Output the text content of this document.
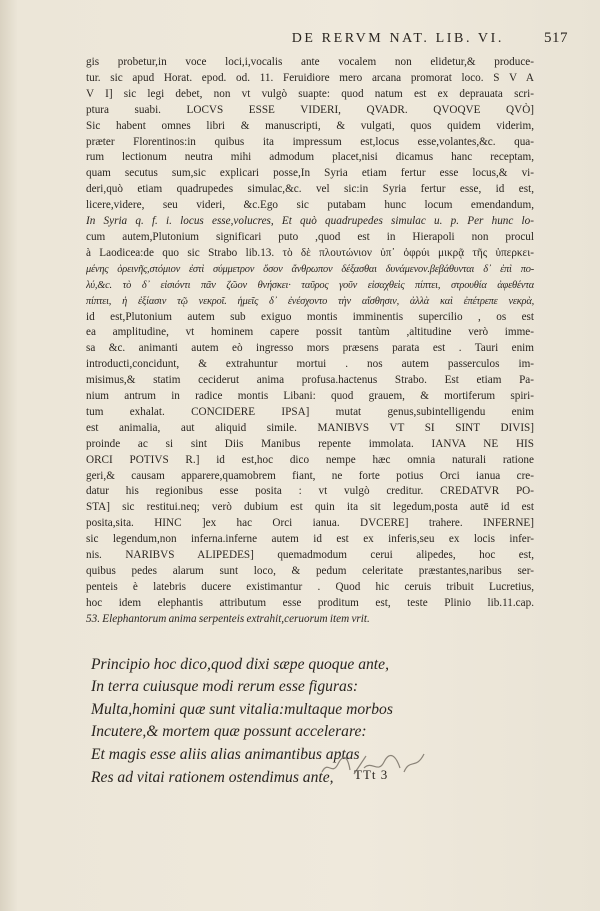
DE RERVM NAT. LIB. VI.	517
gis probetur,in voce loci,i,vocalis ante vocalem non elidetur,& produce-
tur. sic apud Horat. epod. od. 11. Feruidiore mero arcana promorat loco. S V A
V I] sic legi debet, non vt vulgò suapte: quod natum est ex deprauata scri-
ptura suabi. LOCVS ESSE VIDERI, QVADR. QVOQVE QVÒ]
Sic habent omnes libri & manuscripti, & vulgati, quos quidem viderim,
præter Florentinos:in quibus ita impressum est,locus esse,volantes,&c. qua-
rum lectionum neutra mihi admodum placet,nisi dicamus hanc receptam,
quam secutus sum,sic explicari posse,In Syria etiam fertur esse locus,& vi-
deri,quò etiam quadrupedes simulac,&c. vel sic:in Syria fertur esse, id est,
licere,videre, seu videri, &c.Ego sic putabam hunc locum emendandum,
In Syria q. f. i. locus esse,volucres, Et quò quadrupedes simulac u. p. Per hunc lo-
cum autem,Plutonium significari puto ,quod est in Hierapoli non procul
à Laodicea:de quo sic Strabo lib.13. τὸ δὲ πλουτώνιον ὑπ᾽ ὀφρύι μικρᾷ τῆς ὑπερκει-
μένης ὀρεινῆς,στόμιον ἐστὶ σύμμετρον ὅσον ἄνθρωπον δέξασθαι δυνάμενον.βεβάθυνται δ᾽ ἐπὶ πο-
λύ,&c. τὸ δ᾽ εἰσιόντι πᾶν ζῶον θνήσκει· ταῦρος γοῦν εἰσαχθεὶς πίπτει, στρουθία ἀφεθέντα
πίπτει, ἡ ἐξίασιν τῷ νεκροῖ. ἡμεῖς δ᾽ ἐνέσχοντο τὴν αἴσθησιν, ἀλλὰ καὶ ἐπέτρεπε νεκρὰ,
id est,Plutonium autem sub exiguo montis imminentis supercilio , os est
ea amplitudine, vt hominem capere possit tantùm ,altitudine verò imme-
sa &c. animanti autem eò ingresso mors præsens parata est . Tauri enim
introducti,concidunt, & extrahuntur mortui . nos autem passerculos im-
misimus,& statim ceciderut anima profusa.hactenus Strabo. Est etiam Pa-
nium antrum in radice montis Libani: quod grauem, & mortiferum spiri-
tum exhalat. CONCIDERE IPSA] mutat genus,subintelligendu enim
est animalia, aut aliquid simile. MANIBVS VT SI SINT DIVIS]
proinde ac si sint Diis Manibus repente immolata. IANVA NE HIS
ORCI POTIVS R.] id est,hoc dico nempe hæc omnia naturali ratione
geri,& causam apparere,quamobrem fiant, ne forte potius Orci ianua cre-
datur his regionibus esse posita : vt vulgò creditur. CREDATVR PO-
STA] sic restitui.neq; verò dubium est quin ita sit legedum,posta autē id est
posita,sita. HINC ]ex hac Orci ianua. DVCERE] trahere. INFERNE]
sic legendum,non inferna.inferne autem id est ex inferis,seu ex locis infer-
nis. NARIBVS ALIPEDES] quemadmodum cerui alipedes, hoc est,
quibus pedes alarum sunt loco, & pedum celeritate præstantes,naribus ser-
penteis è latebris ducere existimantur . Quod hic ceruis tribuit Lucretius,
hoc idem elephantis attributum esse proditum est, teste Plinio lib.11.cap.
53. Elephantorum anima serpenteis extrahit,ceruorum item vrit.
Principio hoc dico,quod dixi sæpe quoque ante,
In terra cuiusque modi rerum esse figuras:
Multa,homini quæ sunt vitalia:multaque morbos
Incutere,& mortem quæ possunt accelerare:
Et magis esse aliis alias animantibus aptas
Res ad vitai rationem ostendimus ante,	TTt 3
